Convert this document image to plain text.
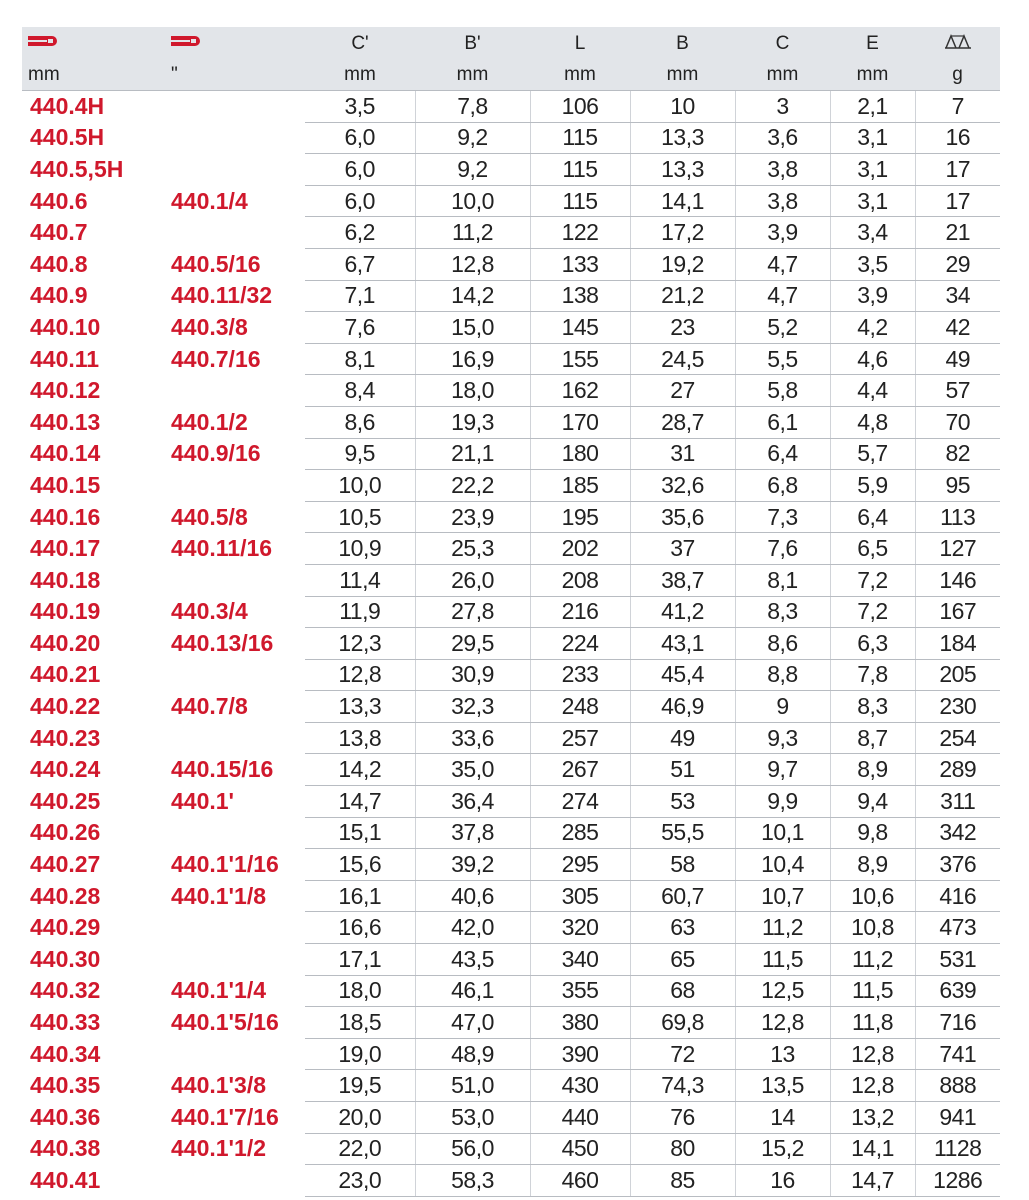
		C'	B'	L	B	C	E	
mm	"	mm	mm	mm	mm	mm	mm	g
440.4H		3,5	7,8	106	10	3	2,1	7
440.5H		6,0	9,2	115	13,3	3,6	3,1	16
440.5,5H		6,0	9,2	115	13,3	3,8	3,1	17
440.6	440.1/4	6,0	10,0	115	14,1	3,8	3,1	17
440.7		6,2	11,2	122	17,2	3,9	3,4	21
440.8	440.5/16	6,7	12,8	133	19,2	4,7	3,5	29
440.9	440.11/32	7,1	14,2	138	21,2	4,7	3,9	34
440.10	440.3/8	7,6	15,0	145	23	5,2	4,2	42
440.11	440.7/16	8,1	16,9	155	24,5	5,5	4,6	49
440.12		8,4	18,0	162	27	5,8	4,4	57
440.13	440.1/2	8,6	19,3	170	28,7	6,1	4,8	70
440.14	440.9/16	9,5	21,1	180	31	6,4	5,7	82
440.15		10,0	22,2	185	32,6	6,8	5,9	95
440.16	440.5/8	10,5	23,9	195	35,6	7,3	6,4	113
440.17	440.11/16	10,9	25,3	202	37	7,6	6,5	127
440.18		11,4	26,0	208	38,7	8,1	7,2	146
440.19	440.3/4	11,9	27,8	216	41,2	8,3	7,2	167
440.20	440.13/16	12,3	29,5	224	43,1	8,6	6,3	184
440.21		12,8	30,9	233	45,4	8,8	7,8	205
440.22	440.7/8	13,3	32,3	248	46,9	9	8,3	230
440.23		13,8	33,6	257	49	9,3	8,7	254
440.24	440.15/16	14,2	35,0	267	51	9,7	8,9	289
440.25	440.1'	14,7	36,4	274	53	9,9	9,4	311
440.26		15,1	37,8	285	55,5	10,1	9,8	342
440.27	440.1'1/16	15,6	39,2	295	58	10,4	8,9	376
440.28	440.1'1/8	16,1	40,6	305	60,7	10,7	10,6	416
440.29		16,6	42,0	320	63	11,2	10,8	473
440.30		17,1	43,5	340	65	11,5	11,2	531
440.32	440.1'1/4	18,0	46,1	355	68	12,5	11,5	639
440.33	440.1'5/16	18,5	47,0	380	69,8	12,8	11,8	716
440.34		19,0	48,9	390	72	13	12,8	741
440.35	440.1'3/8	19,5	51,0	430	74,3	13,5	12,8	888
440.36	440.1'7/16	20,0	53,0	440	76	14	13,2	941
440.38	440.1'1/2	22,0	56,0	450	80	15,2	14,1	1128
440.41		23,0	58,3	460	85	16	14,7	1286
